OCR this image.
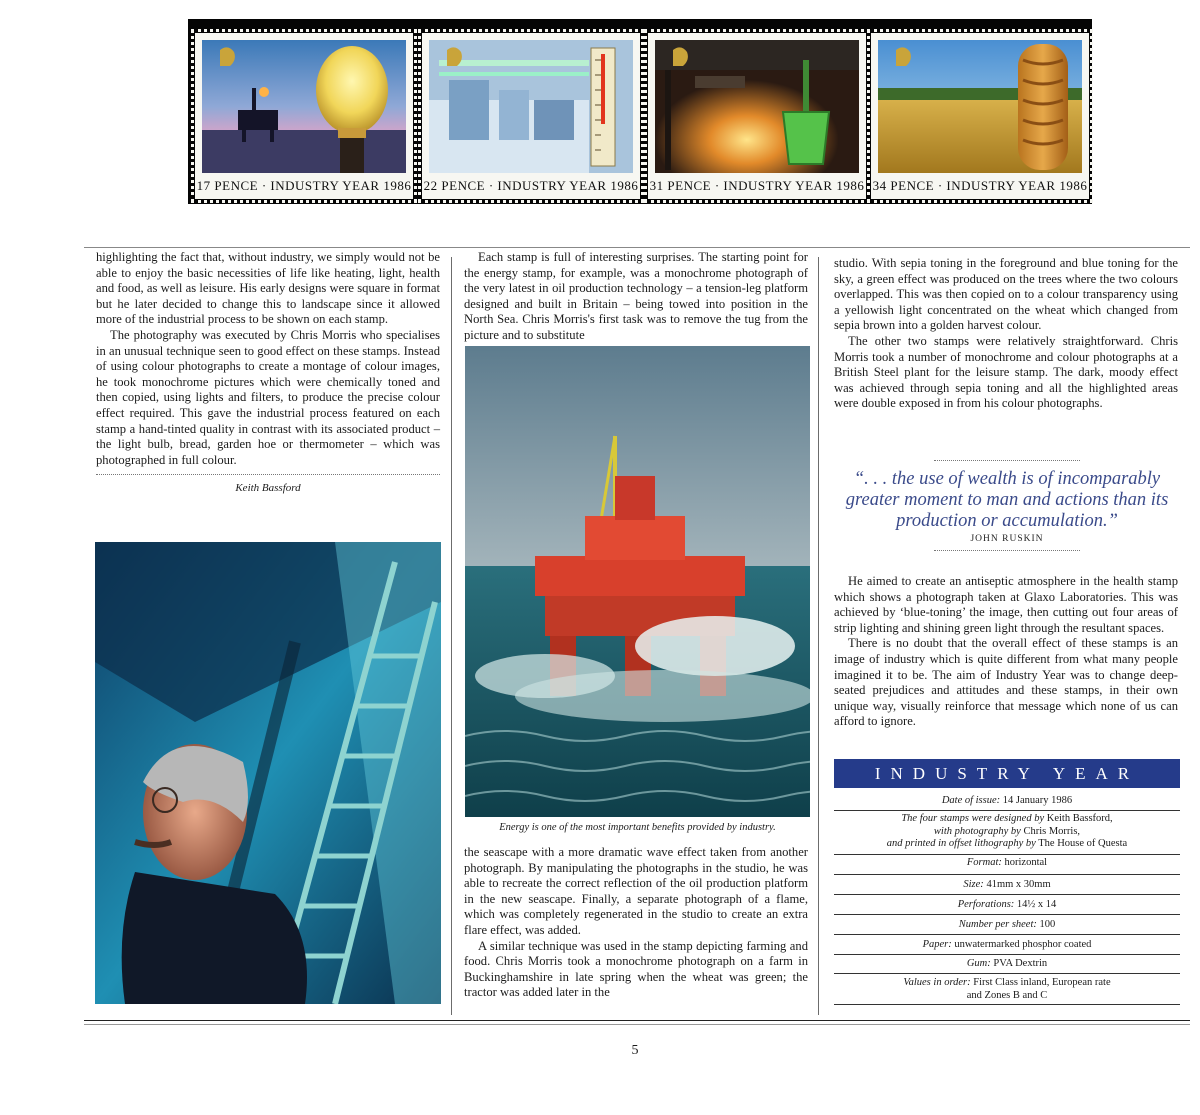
17 PENCE · INDUSTRY YEAR 1986 22 PENCE · INDUSTRY YEAR 1986 31 PENCE · INDUSTRY YEAR 1986 34 PENCE · INDUSTRY YEAR 1986

highlighting the fact that, without industry, we simply would not be able to enjoy the basic necessities of life like heating, light, health and food, as well as leisure. His early designs were square in format but he later decided to change this to landscape since it allowed more of the industrial process to be shown on each stamp.

The photography was executed by Chris Morris who specialises in an unusual technique seen to good effect on these stamps. Instead of using colour photographs to create a montage of colour images, he took monochrome pictures which were chemically toned and then copied, using lights and filters, to produce the precise colour effect required. This gave the industrial process featured on each stamp a hand-tinted quality in contrast with its associated product – the light bulb, bread, garden hoe or thermometer – which was photographed in full colour.

Keith Bassford

Each stamp is full of interesting surprises. The starting point for the energy stamp, for example, was a monochrome photograph of the very latest in oil production technology – a tension-leg platform designed and built in Britain – being towed into position in the North Sea. Chris Morris's first task was to remove the tug from the picture and to substitute

Energy is one of the most important benefits provided by industry.

the seascape with a more dramatic wave effect taken from another photograph. By manipulating the photographs in the studio, he was able to recreate the correct reflection of the oil production platform in the new seascape. Finally, a separate photograph of a flame, which was completely regenerated in the studio to create an extra flare effect, was added.

A similar technique was used in the stamp depicting farming and food. Chris Morris took a monochrome photograph on a farm in Buckinghamshire in late spring when the wheat was green; the tractor was added later in the

studio. With sepia toning in the foreground and blue toning for the sky, a green effect was produced on the trees where the two colours overlapped. This was then copied on to a colour transparency using a yellowish light concentrated on the wheat which changed from sepia brown into a golden harvest colour.

The other two stamps were relatively straightforward. Chris Morris took a number of monochrome and colour photographs at a British Steel plant for the leisure stamp. The dark, moody effect was achieved through sepia toning and all the highlighted areas were double exposed in from his colour photographs.

“. . . the use of wealth is of incomparably greater moment to man and actions than its production or accumulation.”
JOHN RUSKIN

He aimed to create an antiseptic atmosphere in the health stamp which shows a photograph taken at Glaxo Laboratories. This was achieved by ‘blue-toning’ the image, then cutting out four areas of strip lighting and shining green light through the resultant spaces.

There is no doubt that the overall effect of these stamps is an image of industry which is quite different from what many people imagined it to be. The aim of Industry Year was to change deep-seated prejudices and attitudes and these stamps, in their own unique way, visually reinforce that message which none of us can afford to ignore.

INDUSTRY YEAR
Date of issue: 14 January 1986
The four stamps were designed by Keith Bassford,
with photography by Chris Morris,
and printed in offset lithography by The House of Questa
Format: horizontal
Size: 41mm x 30mm
Perforations: 14½ x 14
Number per sheet: 100
Paper: unwatermarked phosphor coated
Gum: PVA Dextrin
Values in order: First Class inland, European rate
and Zones B and C
5
